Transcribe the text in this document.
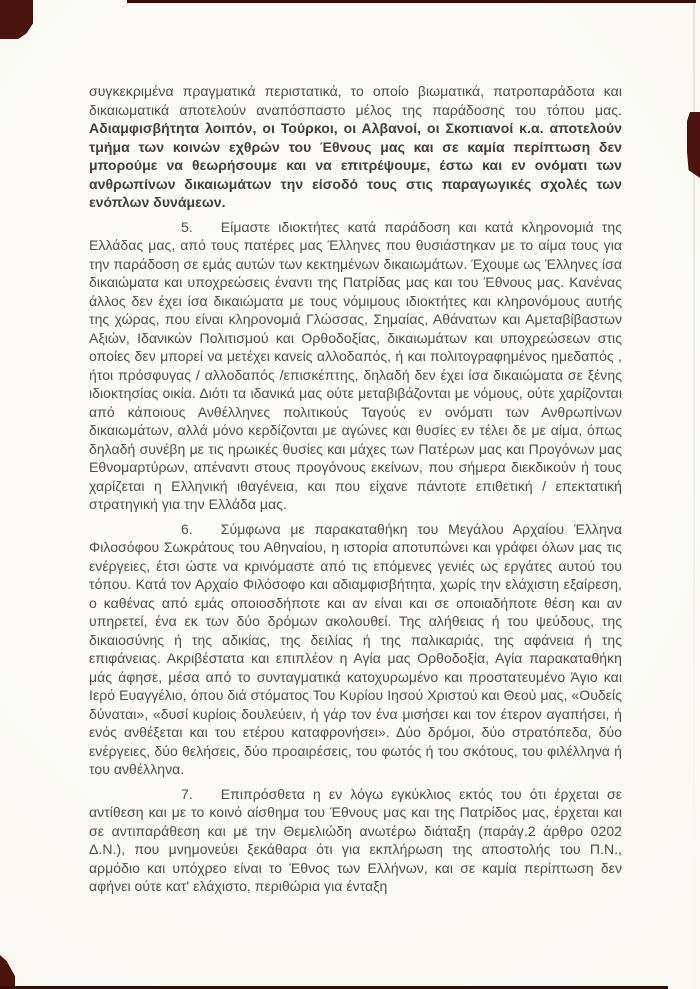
συγκεκριμένα πραγματικά περιστατικά, το οποίο βιωματικά, πατροπαράδοτα και δικαιωματικά αποτελούν αναπόσπαστο μέλος της παράδοσης του τόπου μας. Αδιαμφισβήτητα λοιπόν, οι Τούρκοι, οι Αλβανοί, οι Σκοπιανοί κ.α. αποτελούν τμήμα των κοινών εχθρών του Έθνους μας και σε καμία περίπτωση δεν μπορούμε να θεωρήσουμε και να επιτρέψουμε, έστω και εν ονόματι των ανθρωπίνων δικαιωμάτων την είσοδό τους στις παραγωγικές σχολές των ενόπλων δυνάμεων.

5. Είμαστε ιδιοκτήτες κατά παράδοση και κατά κληρονομιά της Ελλάδας μας, από τους πατέρες μας Έλληνες που θυσιάστηκαν με το αίμα τους για την παράδοση σε εμάς αυτών των κεκτημένων δικαιωμάτων. Έχουμε ως Έλληνες ίσα δικαιώματα και υποχρεώσεις έναντι της Πατρίδας μας και του Έθνους μας. Κανένας άλλος δεν έχει ίσα δικαιώματα με τους νόμιμους ιδιοκτήτες και κληρονόμους αυτής της χώρας, που είναι κληρονομιά Γλώσσας, Σημαίας, Αθάνατων και Αμεταβίβαστων Αξιών, Ιδανικών Πολιτισμού και Ορθοδοξίας, δικαιωμάτων και υποχρεώσεων στις οποίες δεν μπορεί να μετέχει κανείς αλλοδαπός, ή και πολιτογραφημένος ημεδαπός , ήτοι πρόσφυγας / αλλοδαπός /επισκέπτης, δηλαδή δεν έχει ίσα δικαιώματα σε ξένης ιδιοκτησίας οικία. Διότι τα ιδανικά μας ούτε μεταβιβάζονται με νόμους, ούτε χαρίζονται από κάποιους Ανθέλληνες πολιτικούς Ταγούς εν ονόματι των Ανθρωπίνων δικαιωμάτων, αλλά μόνο κερδίζονται με αγώνες και θυσίες εν τέλει δε με αίμα, όπως δηλαδή συνέβη με τις ηρωικές θυσίες και μάχες των Πατέρων μας και Προγόνων μας Εθνομαρτύρων, απέναντι στους προγόνους εκείνων, που σήμερα διεκδικούν ή τους χαρίζεται η Ελληνική ιθαγένεια, και που είχανε πάντοτε επιθετική / επεκτατική στρατηγική για την Ελλάδα μας.

6. Σύμφωνα με παρακαταθήκη του Μεγάλου Αρχαίου Έλληνα Φιλοσόφου Σωκράτους του Αθηναίου, η ιστορία αποτυπώνει και γράφει όλων μας τις ενέργειες, έτσι ώστε να κρινόμαστε από τις επόμενες γενιές ως εργάτες αυτού του τόπου. Κατά τον Αρχαίο Φιλόσοφο και αδιαμφισβήτητα, χωρίς την ελάχιστη εξαίρεση, ο καθένας από εμάς οποιοσδήποτε και αν είναι και σε οποιαδήποτε θέση και αν υπηρετεί, ένα εκ των δύο δρόμων ακολουθεί. Της αλήθειας ή του ψεύδους, της δικαιοσύνης ή της αδικίας, της δειλίας ή της παλικαριάς, της αφάνεια ή της επιφάνειας. Ακριβέστατα και επιπλέον η Αγία μας Ορθοδοξία, Αγία παρακαταθήκη μάς άφησε, μέσα από το συνταγματικά κατοχυρωμένο και προστατευμένο Άγιο και Ιερό Ευαγγέλιο, όπου διά στόματος Του Κυρίου Ιησού Χριστού και Θεού μας, «Ουδείς δύναται», «δυσί κυρίοις δουλεύειν, ή γάρ τον ένα μισήσει και τον έτερον αγαπήσει, ή ενός ανθέξεται και του ετέρου καταφρονήσει». Δύο δρόμοι, δύο στρατόπεδα, δύο ενέργειες, δύο θελήσεις, δύο προαιρέσεις, του φωτός ή του σκότους, του φιλέλληνα ή του ανθέλληνα.

7. Επιπρόσθετα η εν λόγω εγκύκλιος εκτός του ότι έρχεται σε αντίθεση και με το κοινό αίσθημα του Έθνους μας και της Πατρίδος μας, έρχεται και σε αντιπαράθεση και με την Θεμελιώδη ανωτέρω διάταξη (παράγ.2 άρθρο 0202 Δ.Ν.), που μνημονεύει ξεκάθαρα ότι για εκπλήρωση της αποστολής του Π.Ν., αρμόδιο και υπόχρεο είναι το Έθνος των Ελλήνων, και σε καμία περίπτωση δεν αφήνει ούτε κατ' ελάχιστο, περιθώρια για ένταξη
